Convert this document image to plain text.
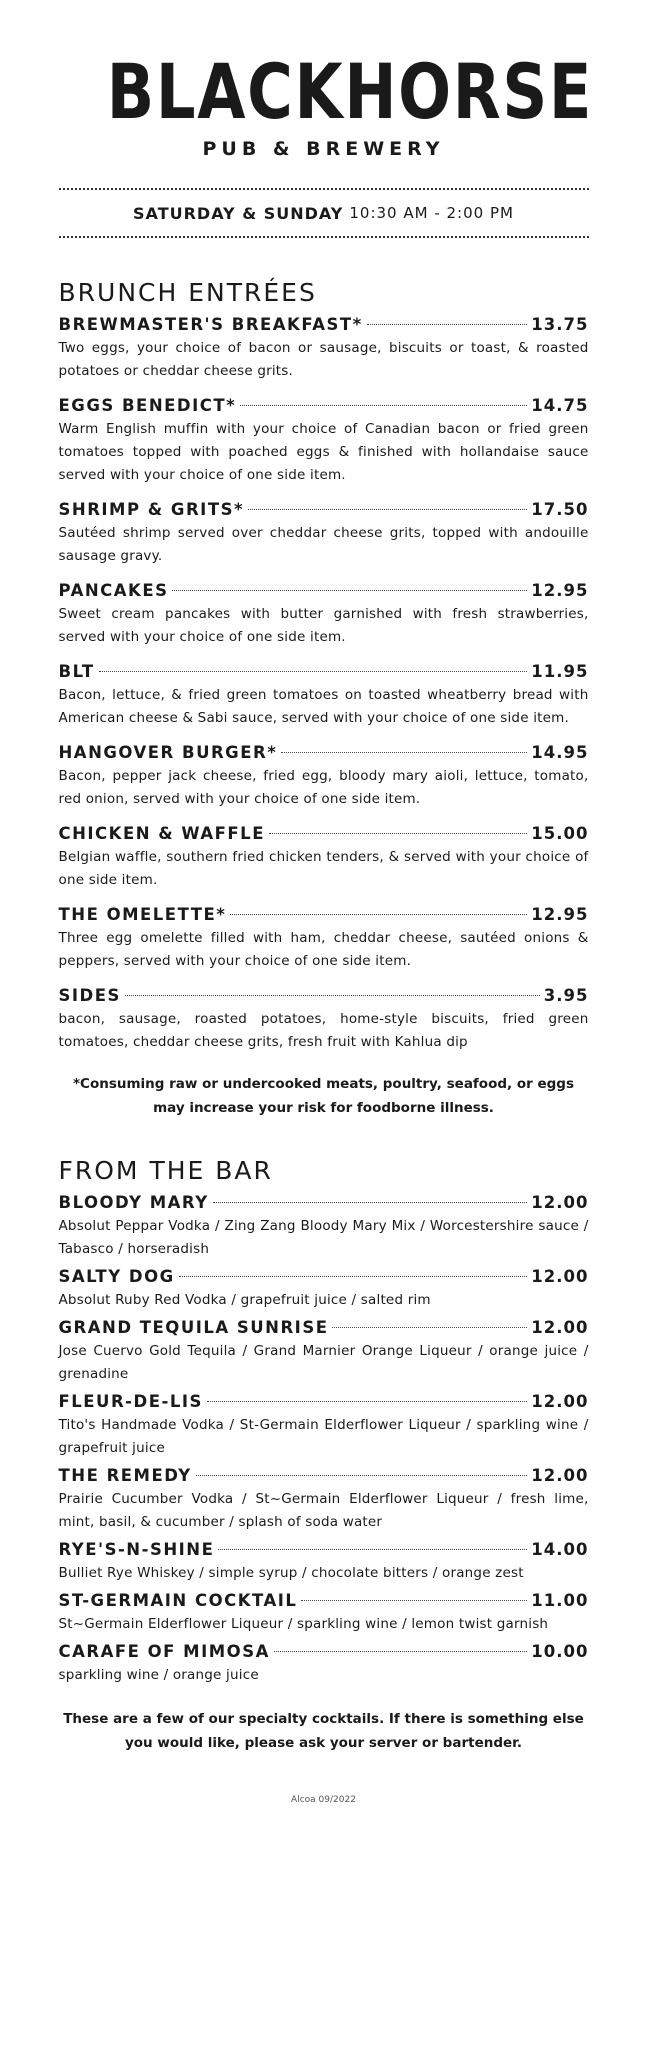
BLACKHORSE
PUB & BREWERY
SATURDAY & SUNDAY 10:30 AM - 2:00 PM
BRUNCH ENTRÉES
BREWMASTER'S BREAKFAST*	13.75
Two eggs, your choice of bacon or sausage, biscuits or toast, & roasted potatoes or cheddar cheese grits.
EGGS BENEDICT*	14.75
Warm English muffin with your choice of Canadian bacon or fried green tomatoes topped with poached eggs & finished with hollandaise sauce served with your choice of one side item.
SHRIMP & GRITS*	17.50
Sautéed shrimp served over cheddar cheese grits, topped with andouille sausage gravy.
PANCAKES	12.95
Sweet cream pancakes with butter garnished with fresh strawberries, served with your choice of one side item.
BLT	11.95
Bacon, lettuce, & fried green tomatoes on toasted wheatberry bread with American cheese & Sabi sauce, served with your choice of one side item.
HANGOVER BURGER*	14.95
Bacon, pepper jack cheese, fried egg, bloody mary aioli, lettuce, tomato, red onion, served with your choice of one side item.
CHICKEN & WAFFLE	15.00
Belgian waffle, southern fried chicken tenders, & served with your choice of one side item.
THE OMELETTE*	12.95
Three egg omelette filled with ham, cheddar cheese, sautéed onions & peppers, served with your choice of one side item.
SIDES	3.95
bacon, sausage, roasted potatoes, home-style biscuits, fried green tomatoes, cheddar cheese grits, fresh fruit with Kahlua dip
*Consuming raw or undercooked meats, poultry, seafood, or eggs may increase your risk for foodborne illness.
FROM THE BAR
BLOODY MARY	12.00
Absolut Peppar Vodka / Zing Zang Bloody Mary Mix / Worcestershire sauce / Tabasco / horseradish
SALTY DOG	12.00
Absolut Ruby Red Vodka / grapefruit juice / salted rim
GRAND TEQUILA SUNRISE	12.00
Jose Cuervo Gold Tequila / Grand Marnier Orange Liqueur / orange juice / grenadine
FLEUR-DE-LIS	12.00
Tito's Handmade Vodka / St-Germain Elderflower Liqueur / sparkling wine / grapefruit juice
THE REMEDY	12.00
Prairie Cucumber Vodka / St~Germain Elderflower Liqueur / fresh lime, mint, basil, & cucumber / splash of soda water
RYE'S-N-SHINE	14.00
Bulliet Rye Whiskey / simple syrup / chocolate bitters / orange zest
ST-GERMAIN COCKTAIL	11.00
St~Germain Elderflower Liqueur / sparkling wine / lemon twist garnish
CARAFE OF MIMOSA	10.00
sparkling wine / orange juice
These are a few of our specialty cocktails. If there is something else you would like, please ask your server or bartender.
Alcoa 09/2022
